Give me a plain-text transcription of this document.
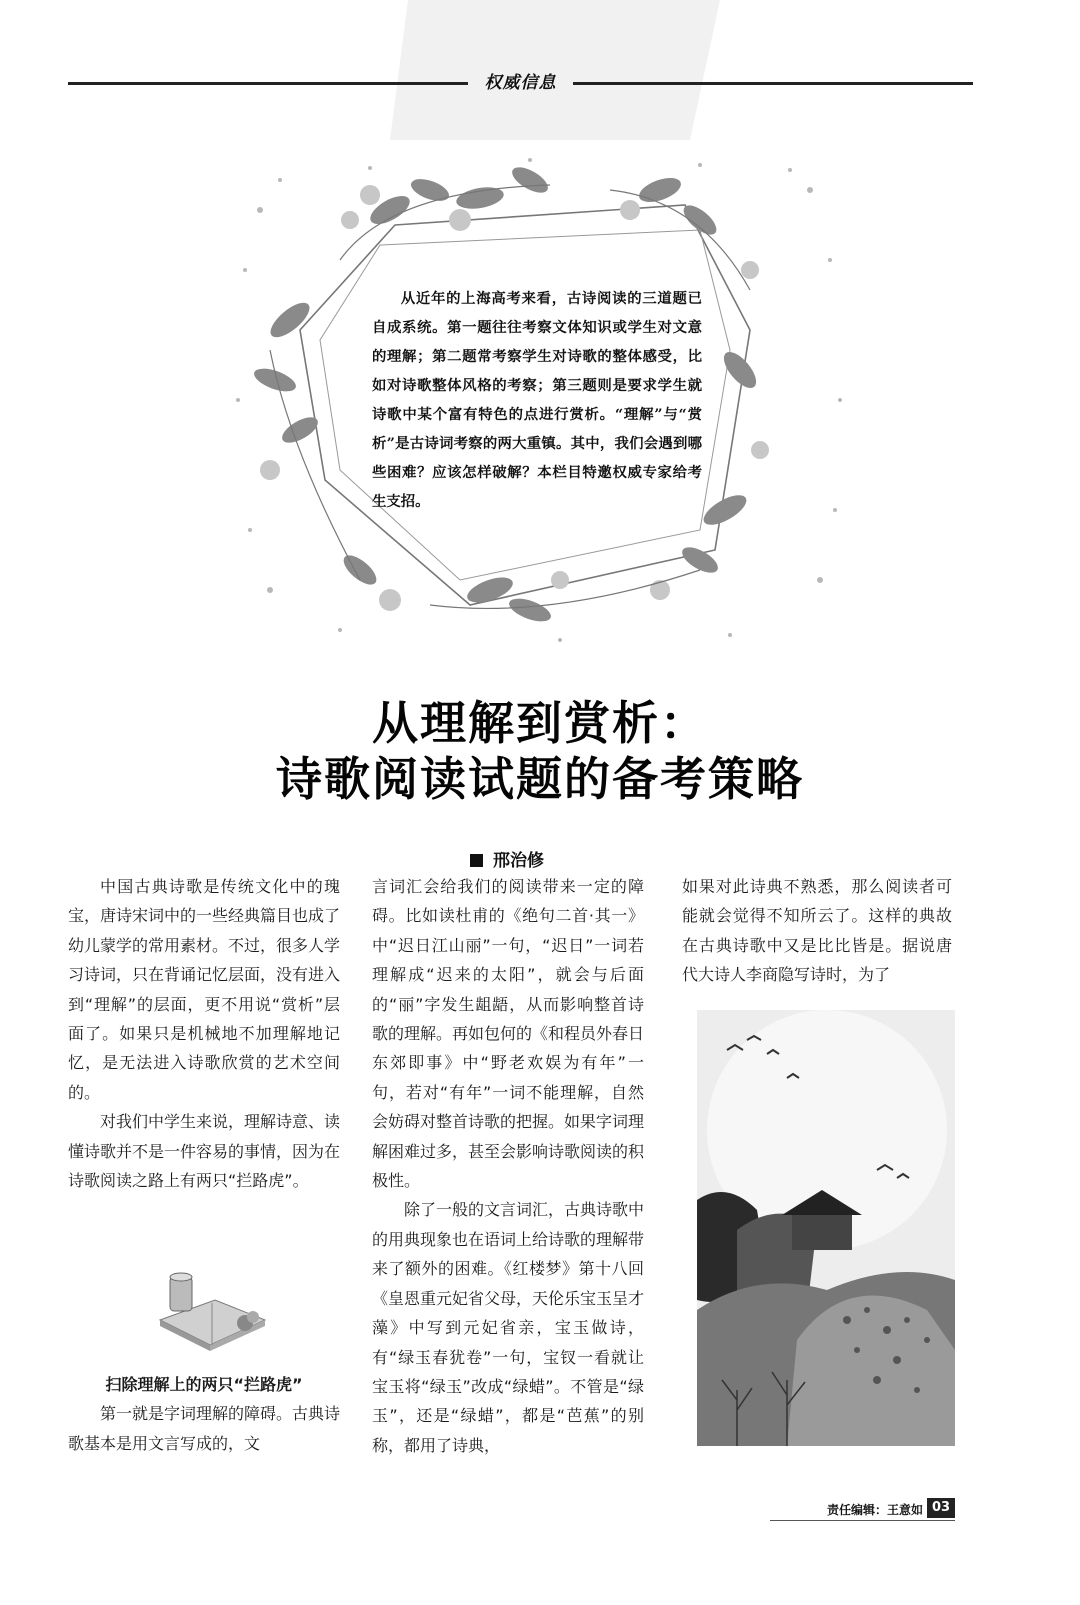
权威信息

从近年的上海高考来看，古诗阅读的三道题已自成系统。第一题往往考察文体知识或学生对文意的理解；第二题常考察学生对诗歌的整体感受，比如对诗歌整体风格的考察；第三题则是要求学生就诗歌中某个富有特色的点进行赏析。“理解”与“赏析”是古诗词考察的两大重镇。其中，我们会遇到哪些困难？应该怎样破解？本栏目特邀权威专家给考生支招。

从理解到赏析：
诗歌阅读试题的备考策略
邢治修

中国古典诗歌是传统文化中的瑰宝，唐诗宋词中的一些经典篇目也成了幼儿蒙学的常用素材。不过，很多人学习诗词，只在背诵记忆层面，没有进入到“理解”的层面，更不用说“赏析”层面了。如果只是机械地不加理解地记忆，是无法进入诗歌欣赏的艺术空间的。

对我们中学生来说，理解诗意、读懂诗歌并不是一件容易的事情，因为在诗歌阅读之路上有两只“拦路虎”。

扫除理解上的两只“拦路虎”

第一就是字词理解的障碍。古典诗歌基本是用文言写成的，文

言词汇会给我们的阅读带来一定的障碍。比如读杜甫的《绝句二首·其一》中“迟日江山丽”一句，“迟日”一词若理解成“迟来的太阳”，就会与后面的“丽”字发生龃龉，从而影响整首诗歌的理解。再如包何的《和程员外春日东郊即事》中“野老欢娱为有年”一句，若对“有年”一词不能理解，自然会妨碍对整首诗歌的把握。如果字词理解困难过多，甚至会影响诗歌阅读的积极性。

除了一般的文言词汇，古典诗歌中的用典现象也在语词上给诗歌的理解带来了额外的困难。《红楼梦》第十八回《皇恩重元妃省父母，天伦乐宝玉呈才藻》中写到元妃省亲，宝玉做诗，有“绿玉春犹卷”一句，宝钗一看就让宝玉将“绿玉”改成“绿蜡”。不管是“绿玉”，还是“绿蜡”，都是“芭蕉”的别称，都用了诗典，

如果对此诗典不熟悉，那么阅读者可能就会觉得不知所云了。这样的典故在古典诗歌中又是比比皆是。据说唐代大诗人李商隐写诗时，为了

责任编辑：王意如 03
